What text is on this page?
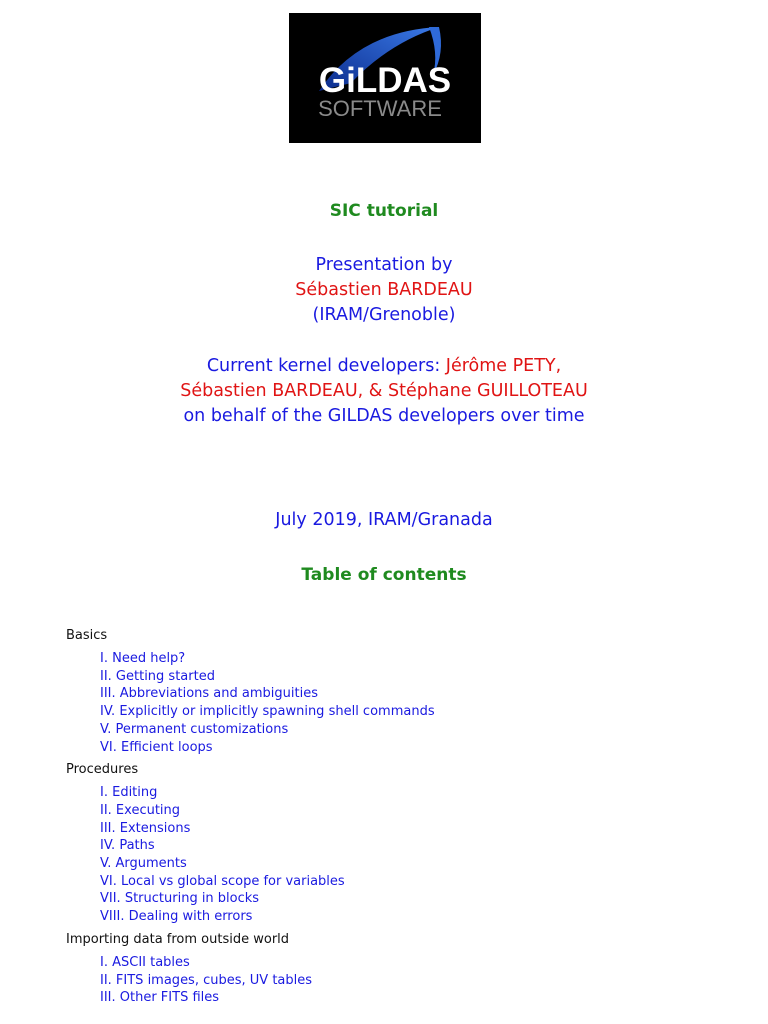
GiLDAS
SOFTWARE
SIC tutorial
Presentation by
Sébastien BARDEAU
(IRAM/Grenoble)
Current kernel developers: Jérôme PETY,
Sébastien BARDEAU, & Stéphane GUILLOTEAU
on behalf of the GILDAS developers over time
July 2019, IRAM/Granada
Table of contents
Basics
I. Need help?
II. Getting started
III. Abbreviations and ambiguities
IV. Explicitly or implicitly spawning shell commands
V. Permanent customizations
VI. Efficient loops
Procedures
I. Editing
II. Executing
III. Extensions
IV. Paths
V. Arguments
VI. Local vs global scope for variables
VII. Structuring in blocks
VIII. Dealing with errors
Importing data from outside world
I. ASCII tables
II. FITS images, cubes, UV tables
III. Other FITS files
